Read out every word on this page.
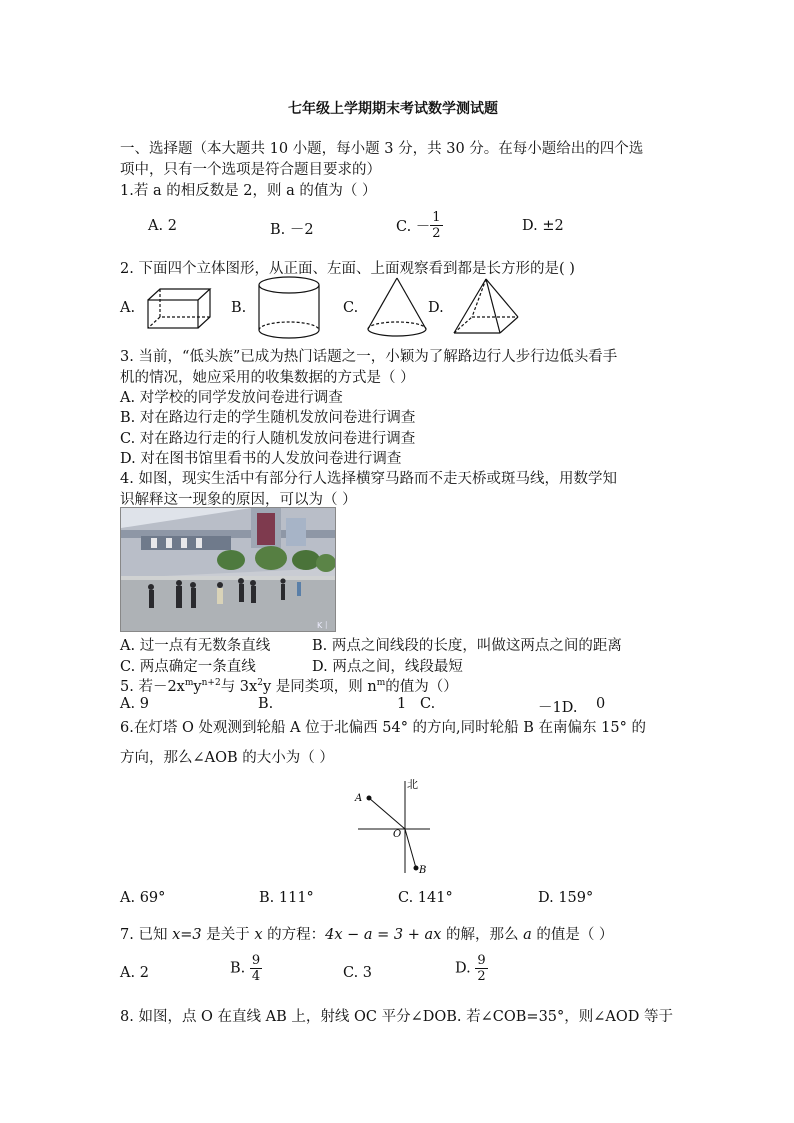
七年级上学期期末考试数学测试题
一、选择题（本大题共 10 小题，每小题 3 分，共 30 分。在每小题给出的四个选
项中，只有一个选项是符合题目要求的）
1.若 a 的相反数是 2，则 a 的值为（ ）
A. 2	B. －2	C. － $\frac{1}{2}$	D. ±2
2. 下面四个立体图形，从正面、左面、上面观察看到都是长方形的是( )
A.	B.	C.	D.
3. 当前，“低头族”已成为热门话题之一，小颖为了解路边行人步行边低头看手
机的情况，她应采用的收集数据的方式是（ ）
A. 对学校的同学发放问卷进行调查
B. 对在路边行走的学生随机发放问卷进行调查
C. 对在路边行走的行人随机发放问卷进行调查
D. 对在图书馆里看书的人发放问卷进行调查
4. 如图，现实生活中有部分行人选择横穿马路而不走天桥或斑马线，用数学知
识解释这一现象的原因，可以为（ ）
K丨
A. 过一点有无数条直线	B. 两点之间线段的长度，叫做这两点之间的距离
C. 两点确定一条直线	D. 两点之间，线段最短
5. 若$-2x^my^{n+2}$与 $3x^2y$ 是同类项，则 $n^m$的值为（）
A. 9	B.	1 C.	－1D. 0
6.在灯塔 O 处观测到轮船 A 位于北偏西 54° 的方向,同时轮船 B 在南偏东 15° 的
方向，那么∠AOB 的大小为（ ）
北
A
O
B
A. 69°	B. 111°	C. 141°	D. 159°
7. 已知 x=3 是关于 x 的方程：4x − a = 3 + ax 的解，那么 a 的值是（ ）
A. 2	B. $\frac{9}{4}$	C. 3	D. $\frac{9}{2}$
8. 如图，点 O 在直线 AB 上，射线 OC 平分∠DOB. 若∠COB=35°，则∠AOD 等于
